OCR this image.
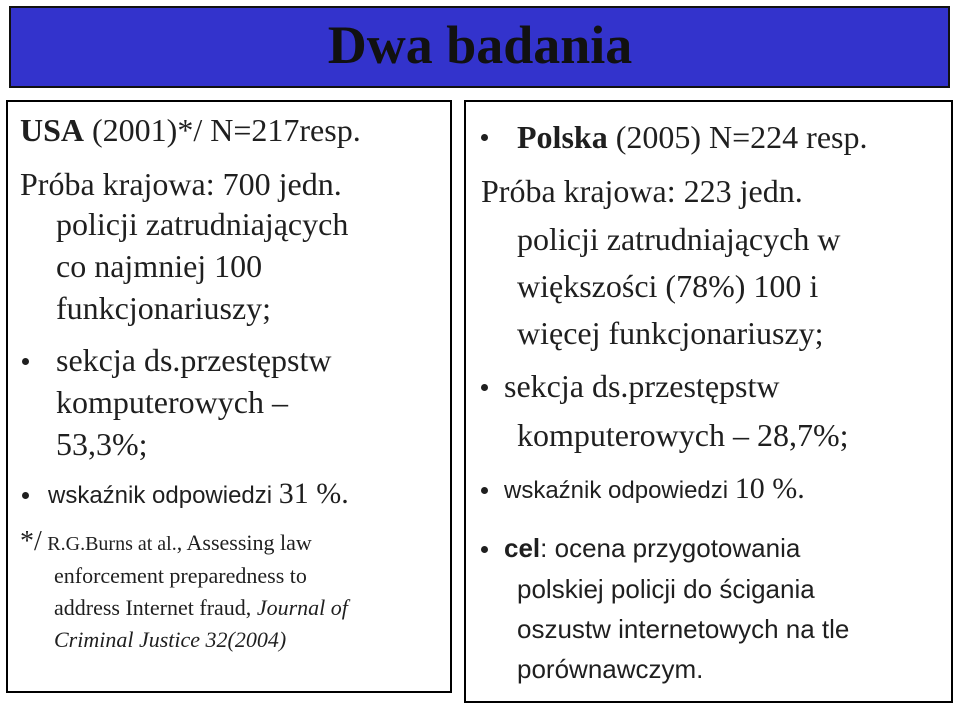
Dwa badania
USA (2001)*/ N=217resp.
Próba krajowa: 700 jedn.
policji zatrudniających
co najmniej 100
funkcjonariuszy;
sekcja ds.przestępstw
komputerowych –
53,3%;
wskaźnik odpowiedzi 31 %.
*/ R.G.Burns at al., Assessing law
enforcement preparedness to
address Internet fraud, Journal of
Criminal Justice 32(2004)
Polska (2005) N=224 resp.
Próba krajowa: 223 jedn.
policji zatrudniających w
większości (78%) 100 i
więcej funkcjonariuszy;
sekcja ds.przestępstw
komputerowych – 28,7%;
wskaźnik odpowiedzi 10 %.
cel: ocena przygotowania
polskiej policji do ścigania
oszustw internetowych na tle
porównawczym.
